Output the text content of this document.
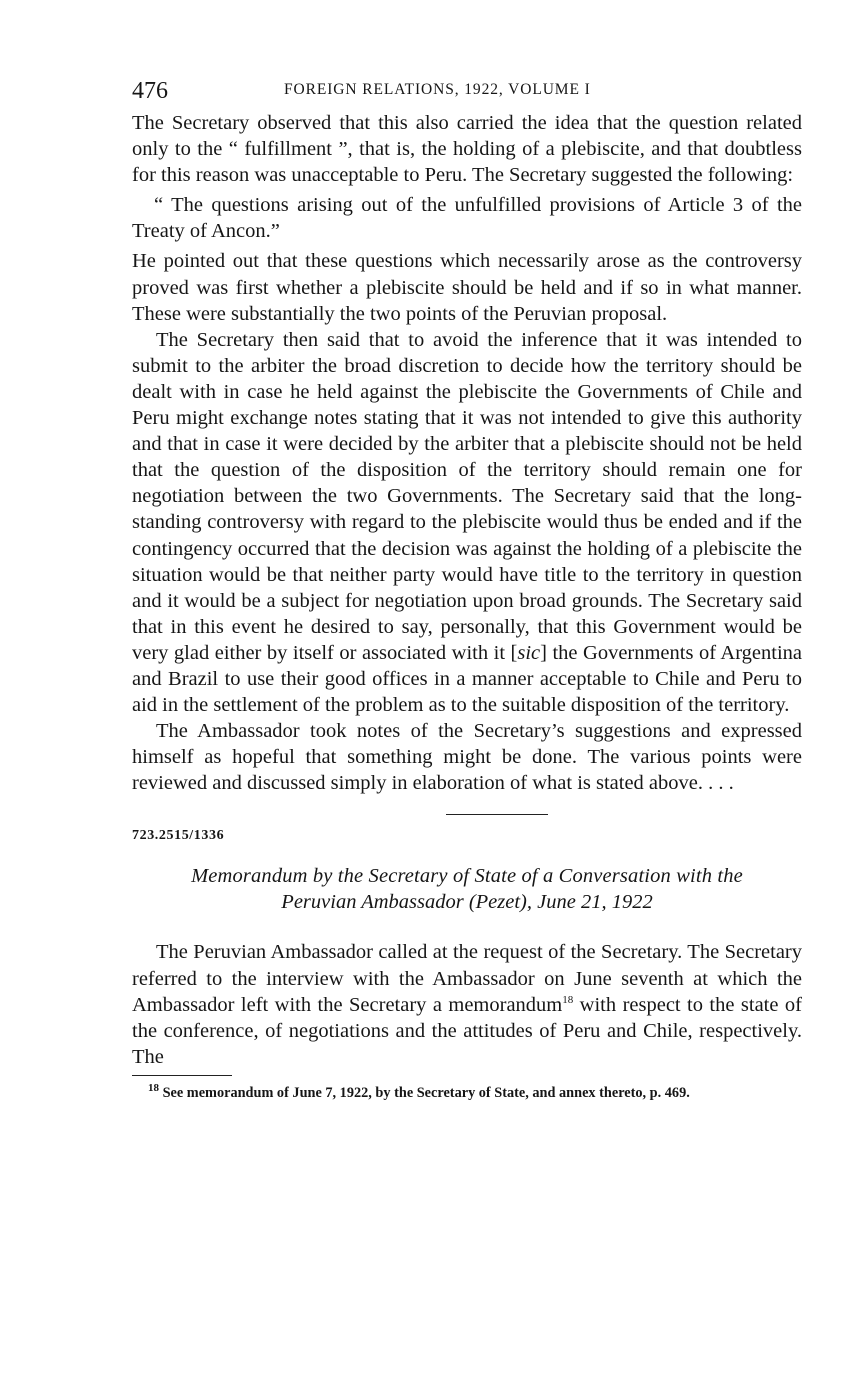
476	FOREIGN RELATIONS, 1922, VOLUME I

The Secretary observed that this also carried the idea that the question related only to the “ fulfillment ”, that is, the holding of a plebiscite, and that doubtless for this reason was unacceptable to Peru. The Secretary suggested the following:

“ The questions arising out of the unfulfilled provisions of Article 3 of the Treaty of Ancon.”

He pointed out that these questions which necessarily arose as the controversy proved was first whether a plebiscite should be held and if so in what manner. These were substantially the two points of the Peruvian proposal.

The Secretary then said that to avoid the inference that it was intended to submit to the arbiter the broad discretion to decide how the territory should be dealt with in case he held against the plebiscite the Governments of Chile and Peru might exchange notes stating that it was not intended to give this authority and that in case it were decided by the arbiter that a plebiscite should not be held that the question of the disposition of the territory should remain one for negotiation between the two Governments. The Secretary said that the long-standing controversy with regard to the plebiscite would thus be ended and if the contingency occurred that the decision was against the holding of a plebiscite the situation would be that neither party would have title to the territory in question and it would be a subject for negotiation upon broad grounds. The Secretary said that in this event he desired to say, personally, that this Government would be very glad either by itself or associated with it [sic] the Governments of Argentina and Brazil to use their good offices in a manner acceptable to Chile and Peru to aid in the settlement of the problem as to the suitable disposition of the territory.

The Ambassador took notes of the Secretary’s suggestions and expressed himself as hopeful that something might be done. The various points were reviewed and discussed simply in elaboration of what is stated above. . . .

723.2515/1336
Memorandum by the Secretary of State of a Conversation with the
Peruvian Ambassador (Pezet), June 21, 1922

The Peruvian Ambassador called at the request of the Secretary. The Secretary referred to the interview with the Ambassador on June seventh at which the Ambassador left with the Secretary a memorandum$^{18}$ with respect to the state of the conference, of negotiations and the attitudes of Peru and Chile, respectively. The

$^{18}$ See memorandum of June 7, 1922, by the Secretary of State, and annex thereto, p. 469.
